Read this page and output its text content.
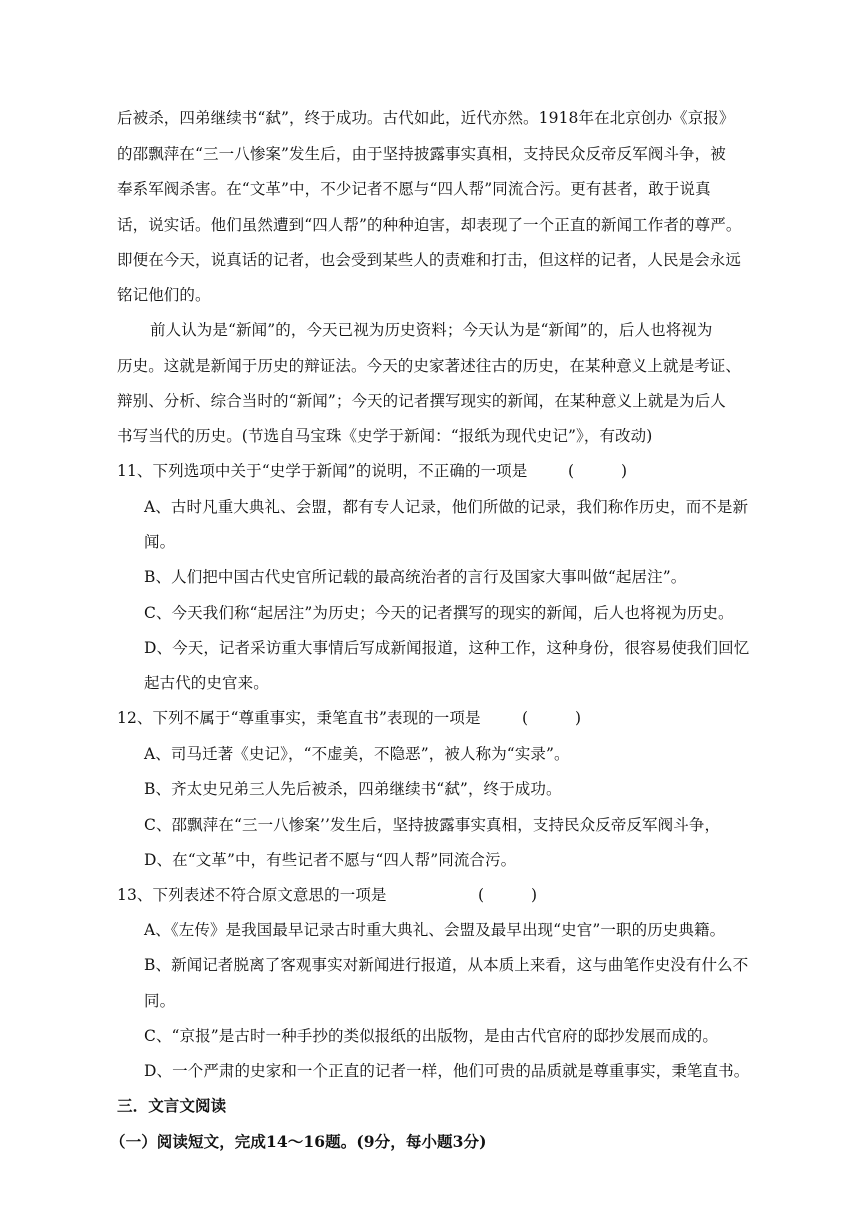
后被杀，四弟继续书“弑”，终于成功。古代如此，近代亦然。1918年在北京创办《京报》
的邵飘萍在“三一八惨案”发生后，由于坚持披露事实真相，支持民众反帝反军阀斗争，被
奉系军阀杀害。在“文革”中，不少记者不愿与“四人帮”同流合污。更有甚者，敢于说真
话，说实话。他们虽然遭到“四人帮”的种种迫害，却表现了一个正直的新闻工作者的尊严。
即便在今天，说真话的记者，也会受到某些人的责难和打击，但这样的记者，人民是会永远
铭记他们的。
前人认为是“新闻”的，今天已视为历史资料；今天认为是“新闻”的，后人也将视为
历史。这就是新闻于历史的辩证法。今天的史家著述往古的历史，在某种意义上就是考证、
辩别、分析、综合当时的“新闻”；今天的记者撰写现实的新闻，在某种意义上就是为后人
书写当代的历史。(节选自马宝珠《史学于新闻：“报纸为现代史记”》，有改动)
11、下列选项中关于“史学于新闻”的说明，不正确的一项是	(　　　)
A、古时凡重大典礼、会盟，都有专人记录，他们所做的记录，我们称作历史，而不是新
闻。
B、人们把中国古代史官所记载的最高统治者的言行及国家大事叫做“起居注”。
C、今天我们称“起居注”为历史；今天的记者撰写的现实的新闻，后人也将视为历史。
D、今天，记者采访重大事情后写成新闻报道，这种工作，这种身份，很容易使我们回忆
起古代的史官来。
12、下列不属于“尊重事实，秉笔直书”表现的一项是	(　　　)
A、司马迁著《史记》，“不虚美，不隐恶”，被人称为“实录”。
B、齐太史兄弟三人先后被杀，四弟继续书“弑”，终于成功。
C、邵飘萍在“三一八惨案’’发生后，坚持披露事实真相，支持民众反帝反军阀斗争，
D、在“文革”中，有些记者不愿与“四人帮”同流合污。
13、下列表述不符合原文意思的一项是	(　　　)
A、《左传》是我国最早记录古时重大典礼、会盟及最早出现“史官”一职的历史典籍。
B、新闻记者脱离了客观事实对新闻进行报道，从本质上来看，这与曲笔作史没有什么不
同。
C、“京报”是古时一种手抄的类似报纸的出版物，是由古代官府的邸抄发展而成的。
D、一个严肃的史家和一个正直的记者一样，他们可贵的品质就是尊重事实，秉笔直书。
三．文言文阅读
（一）阅读短文，完成14～16题。(9分，每小题3分)
